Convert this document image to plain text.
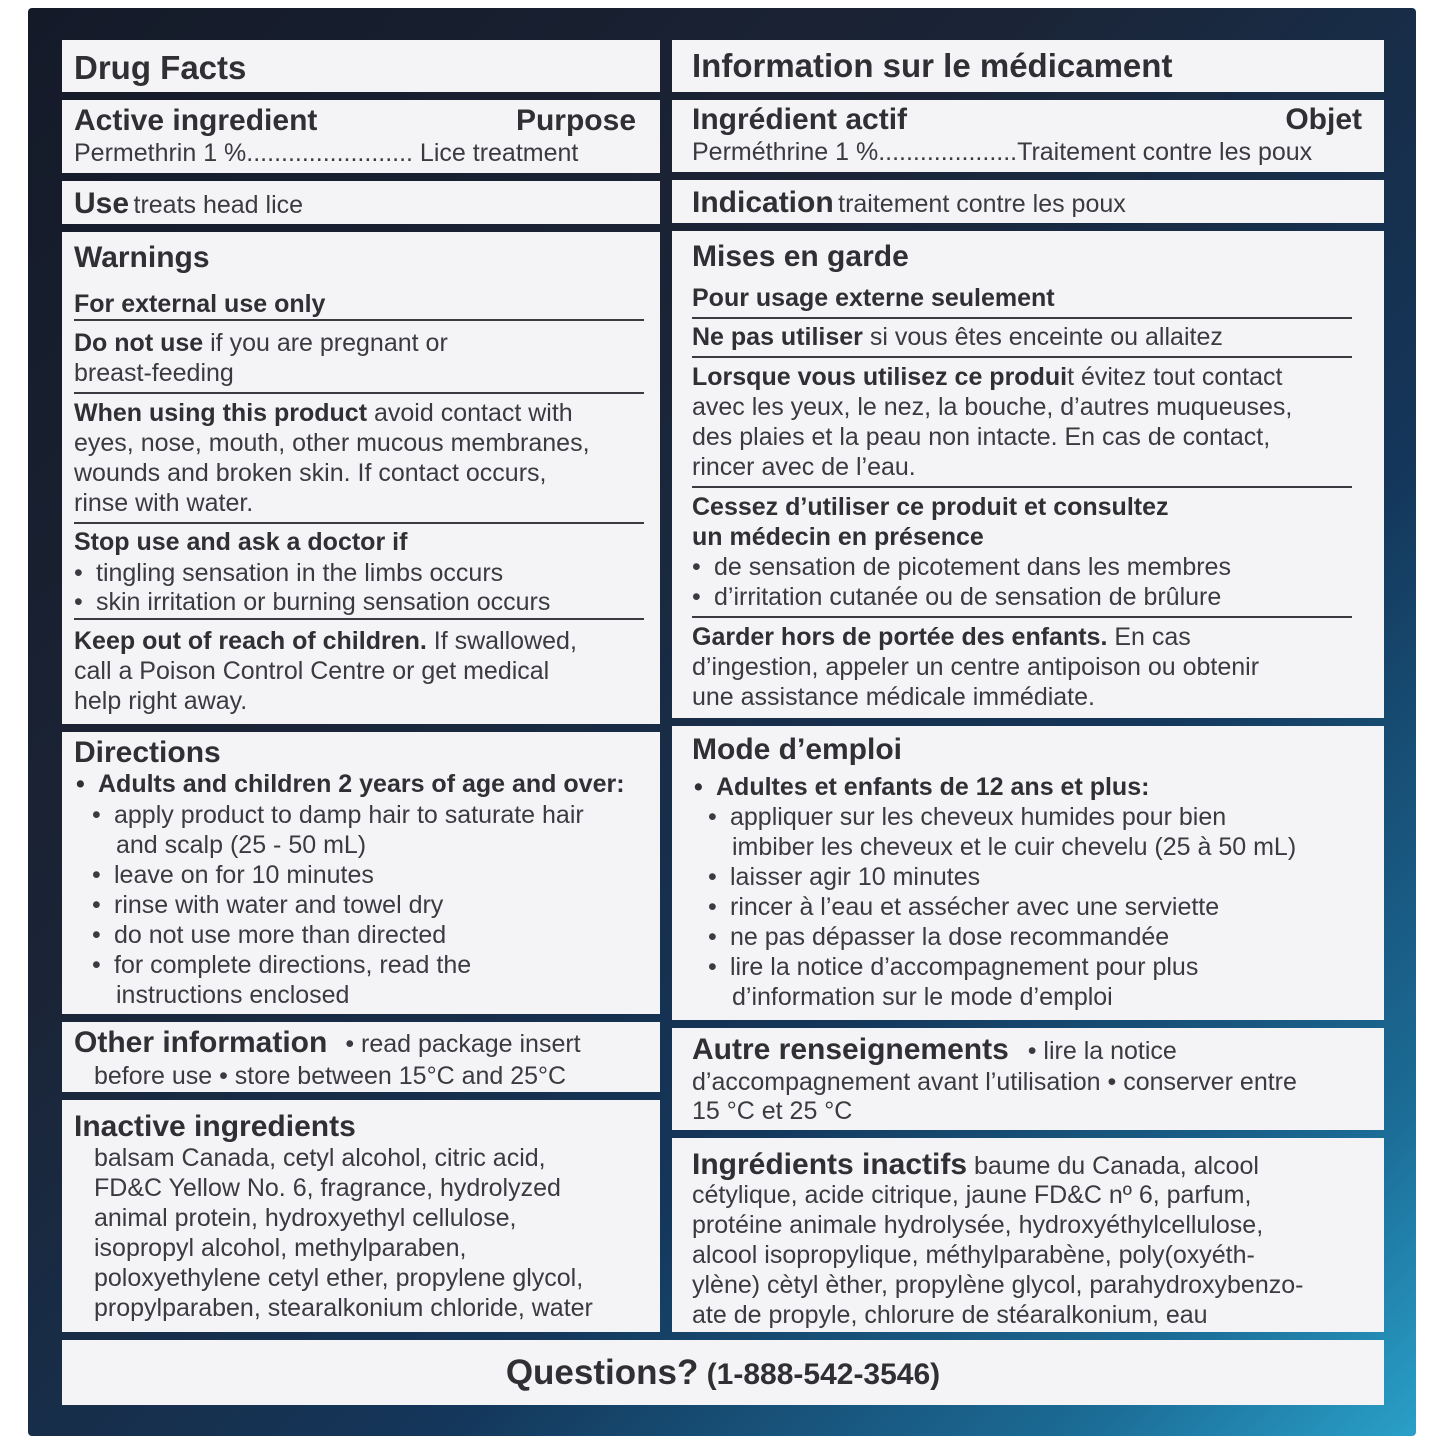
Drug Facts
Active ingredient	Purpose
Permethrin 1 %........................ Lice treatment
Use treats head lice
Warnings
For external use only
Do not use if you are pregnant or
breast-feeding
When using this product avoid contact with
eyes, nose, mouth, other mucous membranes,
wounds and broken skin. If contact occurs,
rinse with water.
Stop use and ask a doctor if
• tingling sensation in the limbs occurs
• skin irritation or burning sensation occurs
Keep out of reach of children. If swallowed,
call a Poison Control Centre or get medical
help right away.
Directions
• Adults and children 2 years of age and over:
• apply product to damp hair to saturate hair
and scalp (25 - 50 mL)
• leave on for 10 minutes
• rinse with water and towel dry
• do not use more than directed
• for complete directions, read the
instructions enclosed
Other information • read package insert
before use • store between 15°C and 25°C
Inactive ingredients
balsam Canada, cetyl alcohol, citric acid,
FD&C Yellow No. 6, fragrance, hydrolyzed
animal protein, hydroxyethyl cellulose,
isopropyl alcohol, methylparaben,
poloxyethylene cetyl ether, propylene glycol,
propylparaben, stearalkonium chloride, water
Information sur le médicament
Ingrédient actif	Objet
Perméthrine 1 %....................Traitement contre les poux
Indication traitement contre les poux
Mises en garde
Pour usage externe seulement
Ne pas utiliser si vous êtes enceinte ou allaitez
Lorsque vous utilisez ce produit évitez tout contact
avec les yeux, le nez, la bouche, d’autres muqueuses,
des plaies et la peau non intacte. En cas de contact,
rincer avec de l’eau.
Cessez d’utiliser ce produit et consultez
un médecin en présence
• de sensation de picotement dans les membres
• d’irritation cutanée ou de sensation de brûlure
Garder hors de portée des enfants. En cas
d’ingestion, appeler un centre antipoison ou obtenir
une assistance médicale immédiate.
Mode d’emploi
• Adultes et enfants de 12 ans et plus:
• appliquer sur les cheveux humides pour bien
imbiber les cheveux et le cuir chevelu (25 à 50 mL)
• laisser agir 10 minutes
• rincer à l’eau et assécher avec une serviette
• ne pas dépasser la dose recommandée
• lire la notice d’accompagnement pour plus
d’information sur le mode d’emploi
Autre renseignements • lire la notice
d’accompagnement avant l’utilisation • conserver entre
15 °C et 25 °C
Ingrédients inactifs baume du Canada, alcool
cétylique, acide citrique, jaune FD&C nº 6, parfum,
protéine animale hydrolysée, hydroxyéthylcellulose,
alcool isopropylique, méthylparabène, poly(oxyéth-
ylène) cètyl èther, propylène glycol, parahydroxybenzo-
ate de propyle, chlorure de stéaralkonium, eau
Questions? (1-888-542-3546)
